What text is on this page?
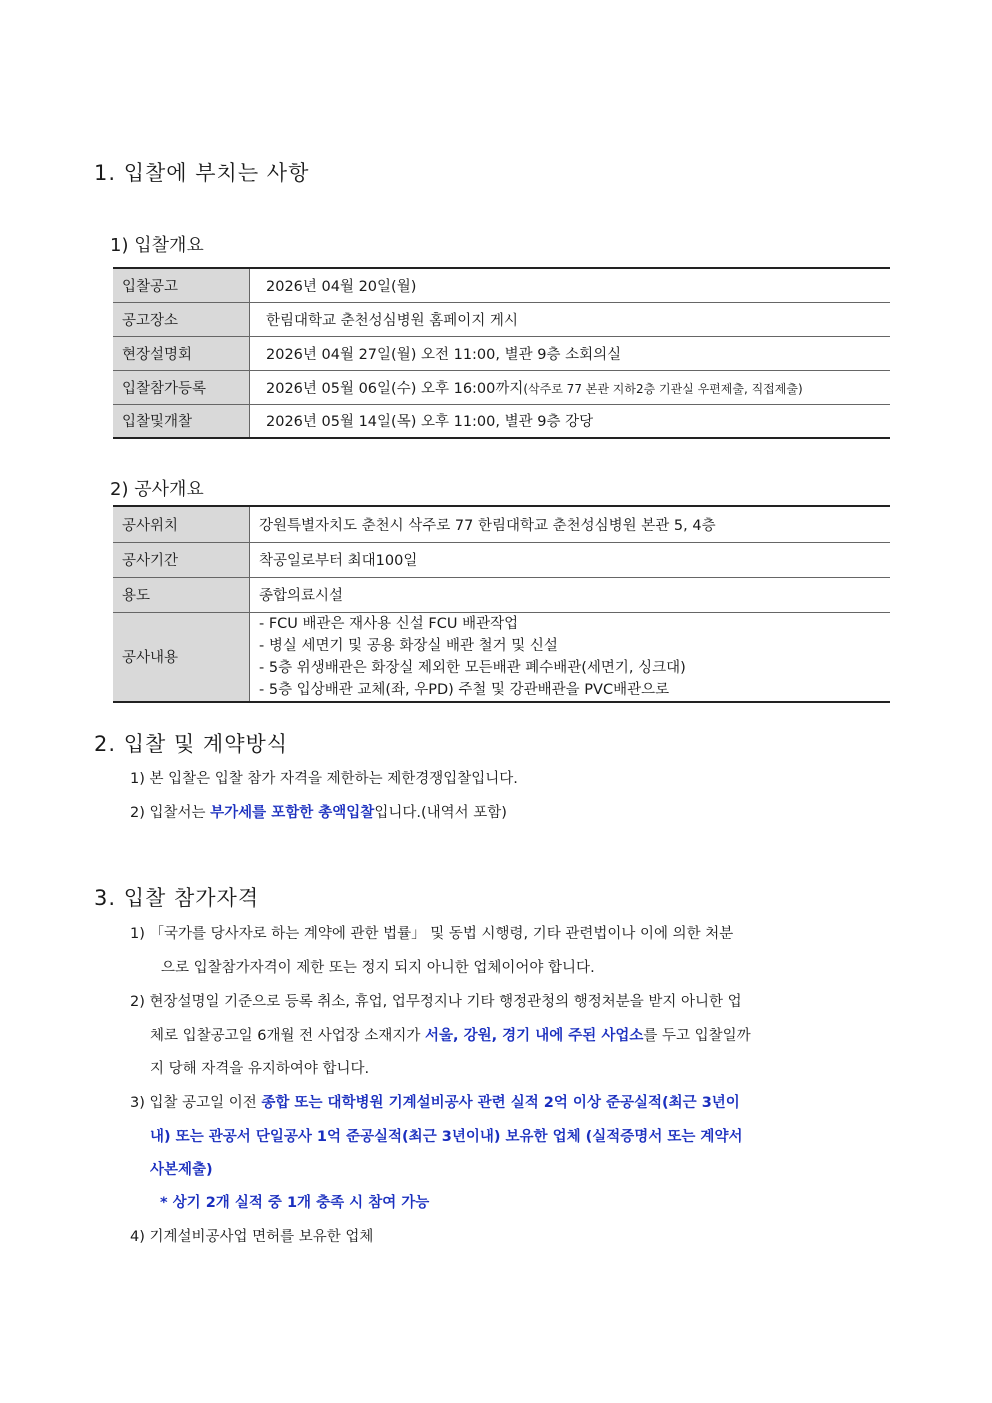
1. 입찰에 부치는 사항
1) 입찰개요
입찰공고	2026년 04월 20일(월)
공고장소	한림대학교 춘천성심병원 홈페이지 게시
현장설명회	2026년 04월 27일(월) 오전 11:00, 별관 9층 소회의실
입찰참가등록	2026년 05월 06일(수) 오후 16:00까지(삭주로 77 본관 지하2층 기관실 우편제출, 직접제출)
입찰및개찰	2026년 05월 14일(목) 오후 11:00, 별관 9층 강당
2) 공사개요
공사위치	강원특별자치도 춘천시 삭주로 77 한림대학교 춘천성심병원 본관 5, 4층
공사기간	착공일로부터 최대100일
용도	종합의료시설
공사내용	- FCU 배관은 재사용 신설 FCU 배관작업
- 병실 세면기 및 공용 화장실 배관 철거 및 신설
- 5층 위생배관은 화장실 제외한 모든배관 폐수배관(세면기, 싱크대)
- 5층 입상배관 교체(좌, 우PD) 주철 및 강관배관을 PVC배관으로
2. 입찰 및 계약방식
1) 본 입찰은 입찰 참가 자격을 제한하는 제한경쟁입찰입니다.
2) 입찰서는 부가세를 포함한 총액입찰입니다.(내역서 포함)
3. 입찰 참가자격
1) 「국가를 당사자로 하는 계약에 관한 법률」 및 동법 시행령, 기타 관련법이나 이에 의한 처분
으로 입찰참가자격이 제한 또는 정지 되지 아니한 업체이어야 합니다.
2) 현장설명일 기준으로 등록 취소, 휴업, 업무정지나 기타 행정관청의 행정처분을 받지 아니한 업
체로 입찰공고일 6개월 전 사업장 소재지가 서울, 강원, 경기 내에 주된 사업소를 두고 입찰일까
지 당해 자격을 유지하여야 합니다.
3) 입찰 공고일 이전 종합 또는 대학병원 기계설비공사 관련 실적 2억 이상 준공실적(최근 3년이
내) 또는 관공서 단일공사 1억 준공실적(최근 3년이내) 보유한 업체 (실적증명서 또는 계약서
사본제출)
* 상기 2개 실적 중 1개 충족 시 참여 가능
4) 기계설비공사업 면허를 보유한 업체
